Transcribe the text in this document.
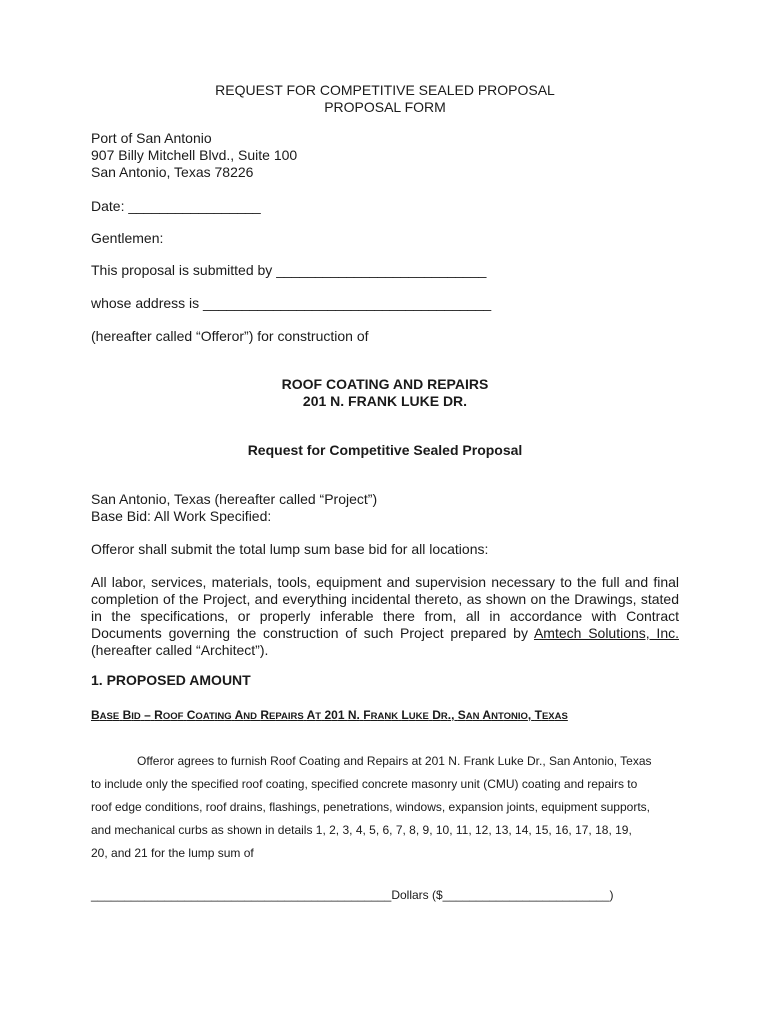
REQUEST FOR COMPETITIVE SEALED PROPOSAL
PROPOSAL FORM
Port of San Antonio
907 Billy Mitchell Blvd., Suite 100
San Antonio, Texas 78226
Date: _________________
Gentlemen:
This proposal is submitted by ___________________________
whose address is _____________________________________
(hereafter called “Offeror”) for construction of
ROOF COATING AND REPAIRS
201 N. FRANK LUKE DR.
Request for Competitive Sealed Proposal
San Antonio, Texas (hereafter called “Project”)
Base Bid: All Work Specified:
Offeror shall submit the total lump sum base bid for all locations:
All labor, services, materials, tools, equipment and supervision necessary to the full and final completion of the Project, and everything incidental thereto, as shown on the Drawings, stated in the specifications, or properly inferable there from, all in accordance with Contract Documents governing the construction of such Project prepared by Amtech Solutions, Inc. (hereafter called “Architect”).
1. PROPOSED AMOUNT
BASE BID – ROOF COATING AND REPAIRS AT 201 N. FRANK LUKE DR., SAN ANTONIO, TEXAS
Offeror agrees to furnish Roof Coating and Repairs at 201 N. Frank Luke Dr., San Antonio, Texas
to include only the specified roof coating, specified concrete masonry unit (CMU) coating and repairs to
roof edge conditions, roof drains, flashings, penetrations, windows, expansion joints, equipment supports,
and mechanical curbs as shown in details 1, 2, 3, 4, 5, 6, 7, 8, 9, 10, 11, 12, 13, 14, 15, 16, 17, 18, 19,
20, and 21 for the lump sum of
_____________________________________________Dollars ($_________________________)
